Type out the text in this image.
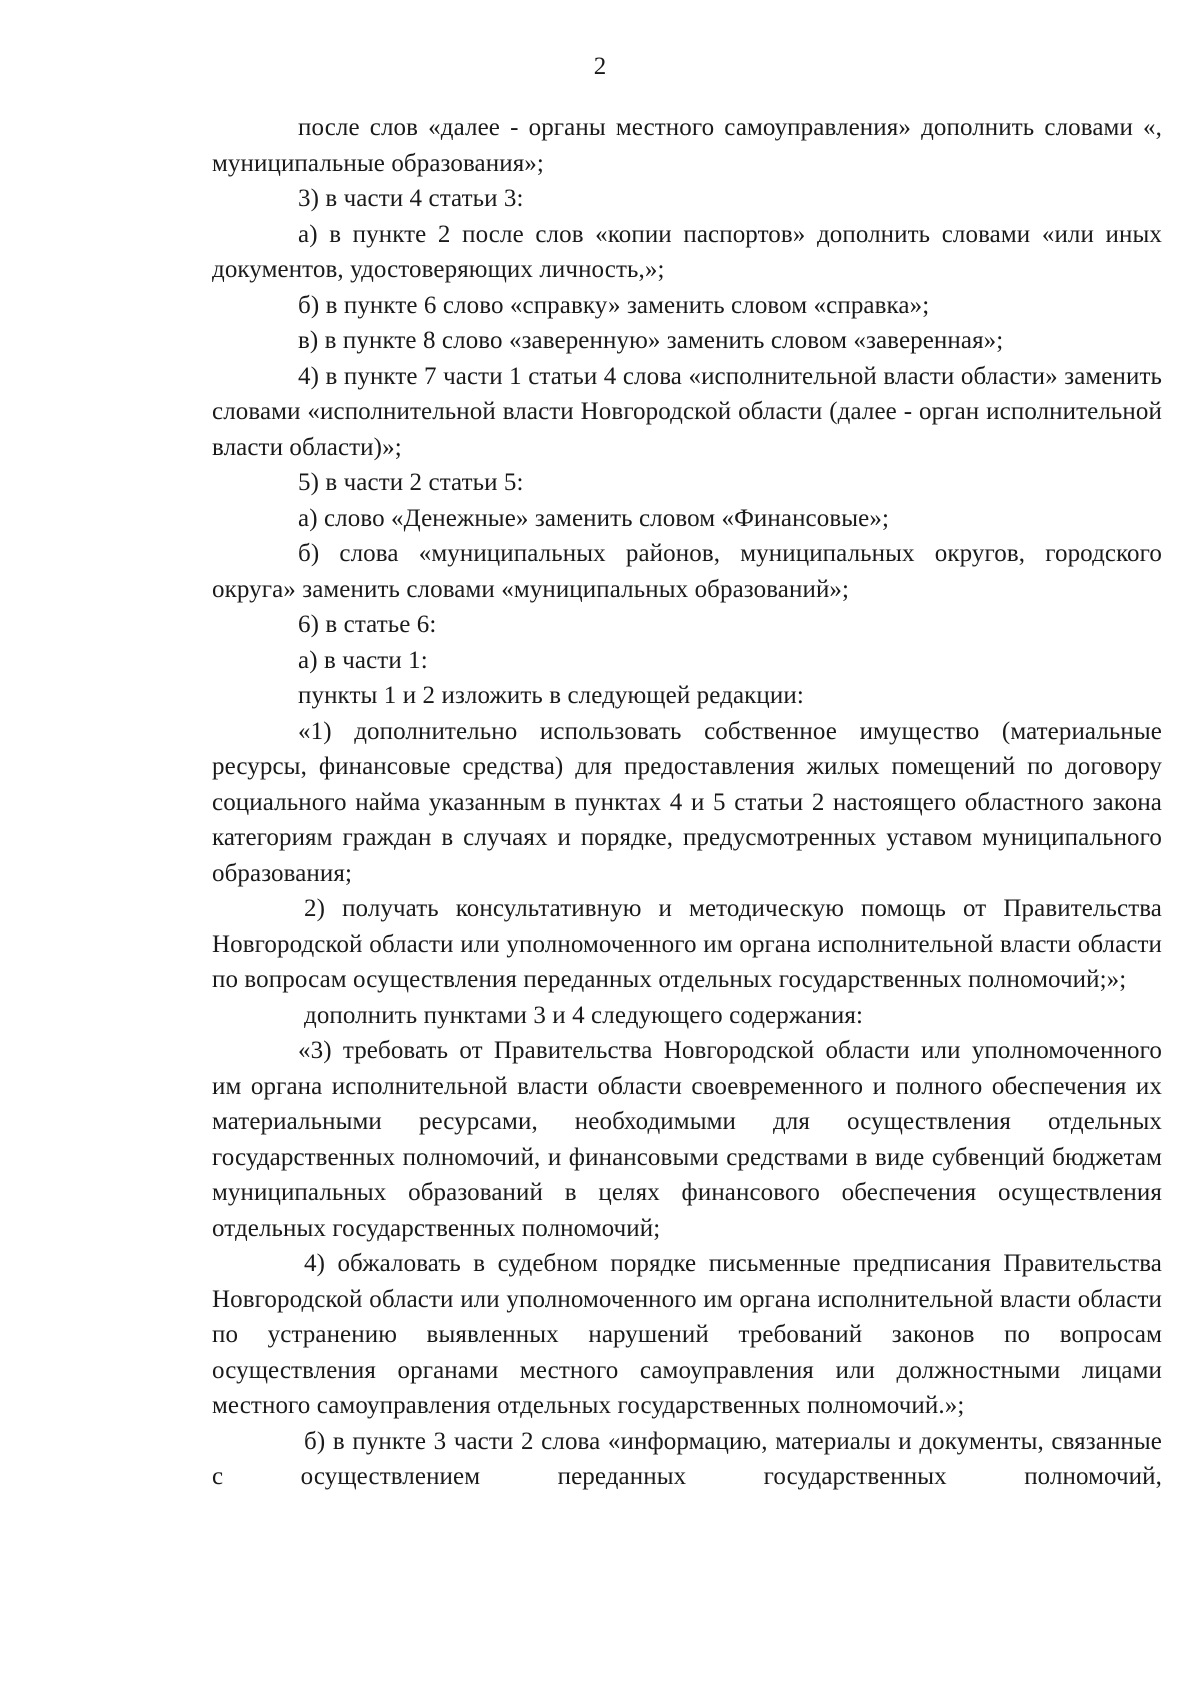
2

после слов «далее - органы местного самоуправления» дополнить словами «, муниципальные образования»;

3) в части 4 статьи 3:

а) в пункте 2 после слов «копии паспортов» дополнить словами «или иных документов, удостоверяющих личность,»;

б) в пункте 6 слово «справку» заменить словом «справка»;

в) в пункте 8 слово «заверенную» заменить словом «заверенная»;

4) в пункте 7 части 1 статьи 4 слова «исполнительной власти области» заменить словами «исполнительной власти Новгородской области (далее - орган исполнительной власти области)»;

5) в части 2 статьи 5:

а) слово «Денежные» заменить словом «Финансовые»;

б) слова «муниципальных районов, муниципальных округов, городского округа» заменить словами «муниципальных образований»;

6) в статье 6:

а) в части 1:

пункты 1 и 2 изложить в следующей редакции:

«1) дополнительно использовать собственное имущество (материальные ресурсы, финансовые средства) для предоставления жилых помещений по договору социального найма указанным в пунктах 4 и 5 статьи 2 настоящего областного закона категориям граждан в случаях и порядке, предусмотренных уставом муниципального образования;

2) получать консультативную и методическую помощь от Правительства Новгородской области или уполномоченного им органа исполнительной власти области по вопросам осуществления переданных отдельных государственных полномочий;»;

дополнить пунктами 3 и 4 следующего содержания:

«3) требовать от Правительства Новгородской области или уполномоченного им органа исполнительной власти области своевременного и полного обеспечения их материальными ресурсами, необходимыми для осуществления отдельных государственных полномочий, и финансовыми средствами в виде субвенций бюджетам муниципальных образований в целях финансового обеспечения осуществления отдельных государственных полномочий;

4) обжаловать в судебном порядке письменные предписания Правительства Новгородской области или уполномоченного им органа исполнительной власти области по устранению выявленных нарушений требований законов по вопросам осуществления органами местного самоуправления или должностными лицами местного самоуправления отдельных государственных полномочий.»;

б) в пункте 3 части 2 слова «информацию, материалы и документы, связанные с осуществлением переданных государственных полномочий,
